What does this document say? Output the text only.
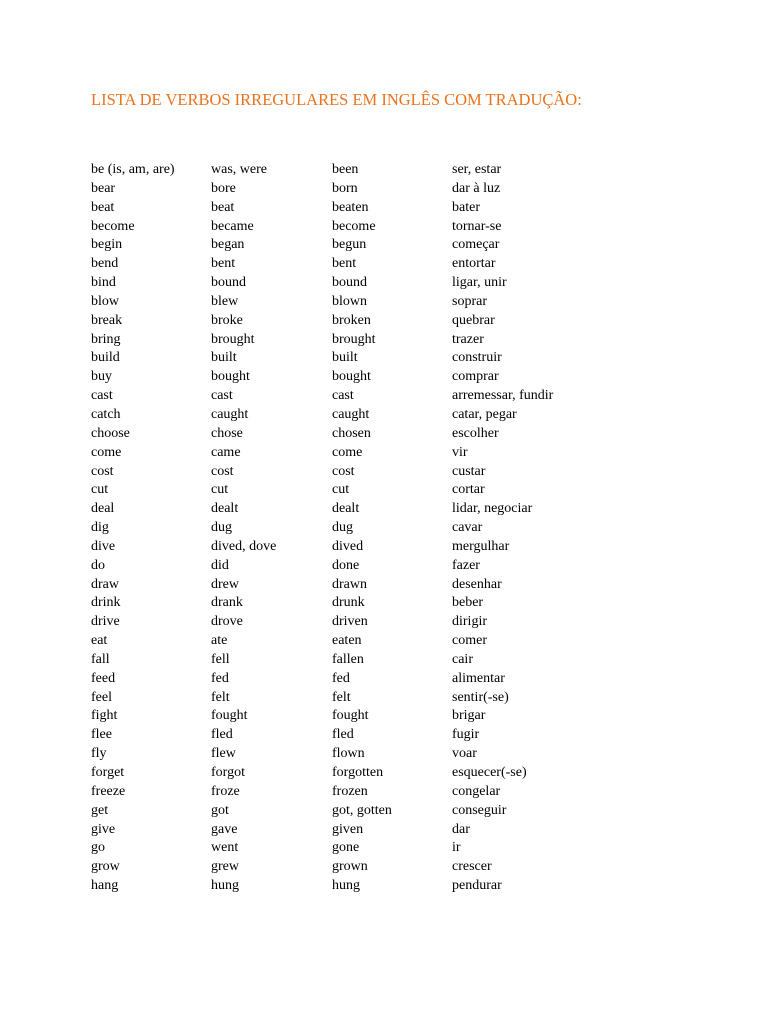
LISTA DE VERBOS IRREGULARES EM INGLÊS COM TRADUÇÃO:
be (is, am, are)	was, were	been	ser, estar
bear	bore	born	dar à luz
beat	beat	beaten	bater
become	became	become	tornar-se
begin	began	begun	começar
bend	bent	bent	entortar
bind	bound	bound	ligar, unir
blow	blew	blown	soprar
break	broke	broken	quebrar
bring	brought	brought	trazer
build	built	built	construir
buy	bought	bought	comprar
cast	cast	cast	arremessar, fundir
catch	caught	caught	catar, pegar
choose	chose	chosen	escolher
come	came	come	vir
cost	cost	cost	custar
cut	cut	cut	cortar
deal	dealt	dealt	lidar, negociar
dig	dug	dug	cavar
dive	dived, dove	dived	mergulhar
do	did	done	fazer
draw	drew	drawn	desenhar
drink	drank	drunk	beber
drive	drove	driven	dirigir
eat	ate	eaten	comer
fall	fell	fallen	cair
feed	fed	fed	alimentar
feel	felt	felt	sentir(-se)
fight	fought	fought	brigar
flee	fled	fled	fugir
fly	flew	flown	voar
forget	forgot	forgotten	esquecer(-se)
freeze	froze	frozen	congelar
get	got	got, gotten	conseguir
give	gave	given	dar
go	went	gone	ir
grow	grew	grown	crescer
hang	hung	hung	pendurar
